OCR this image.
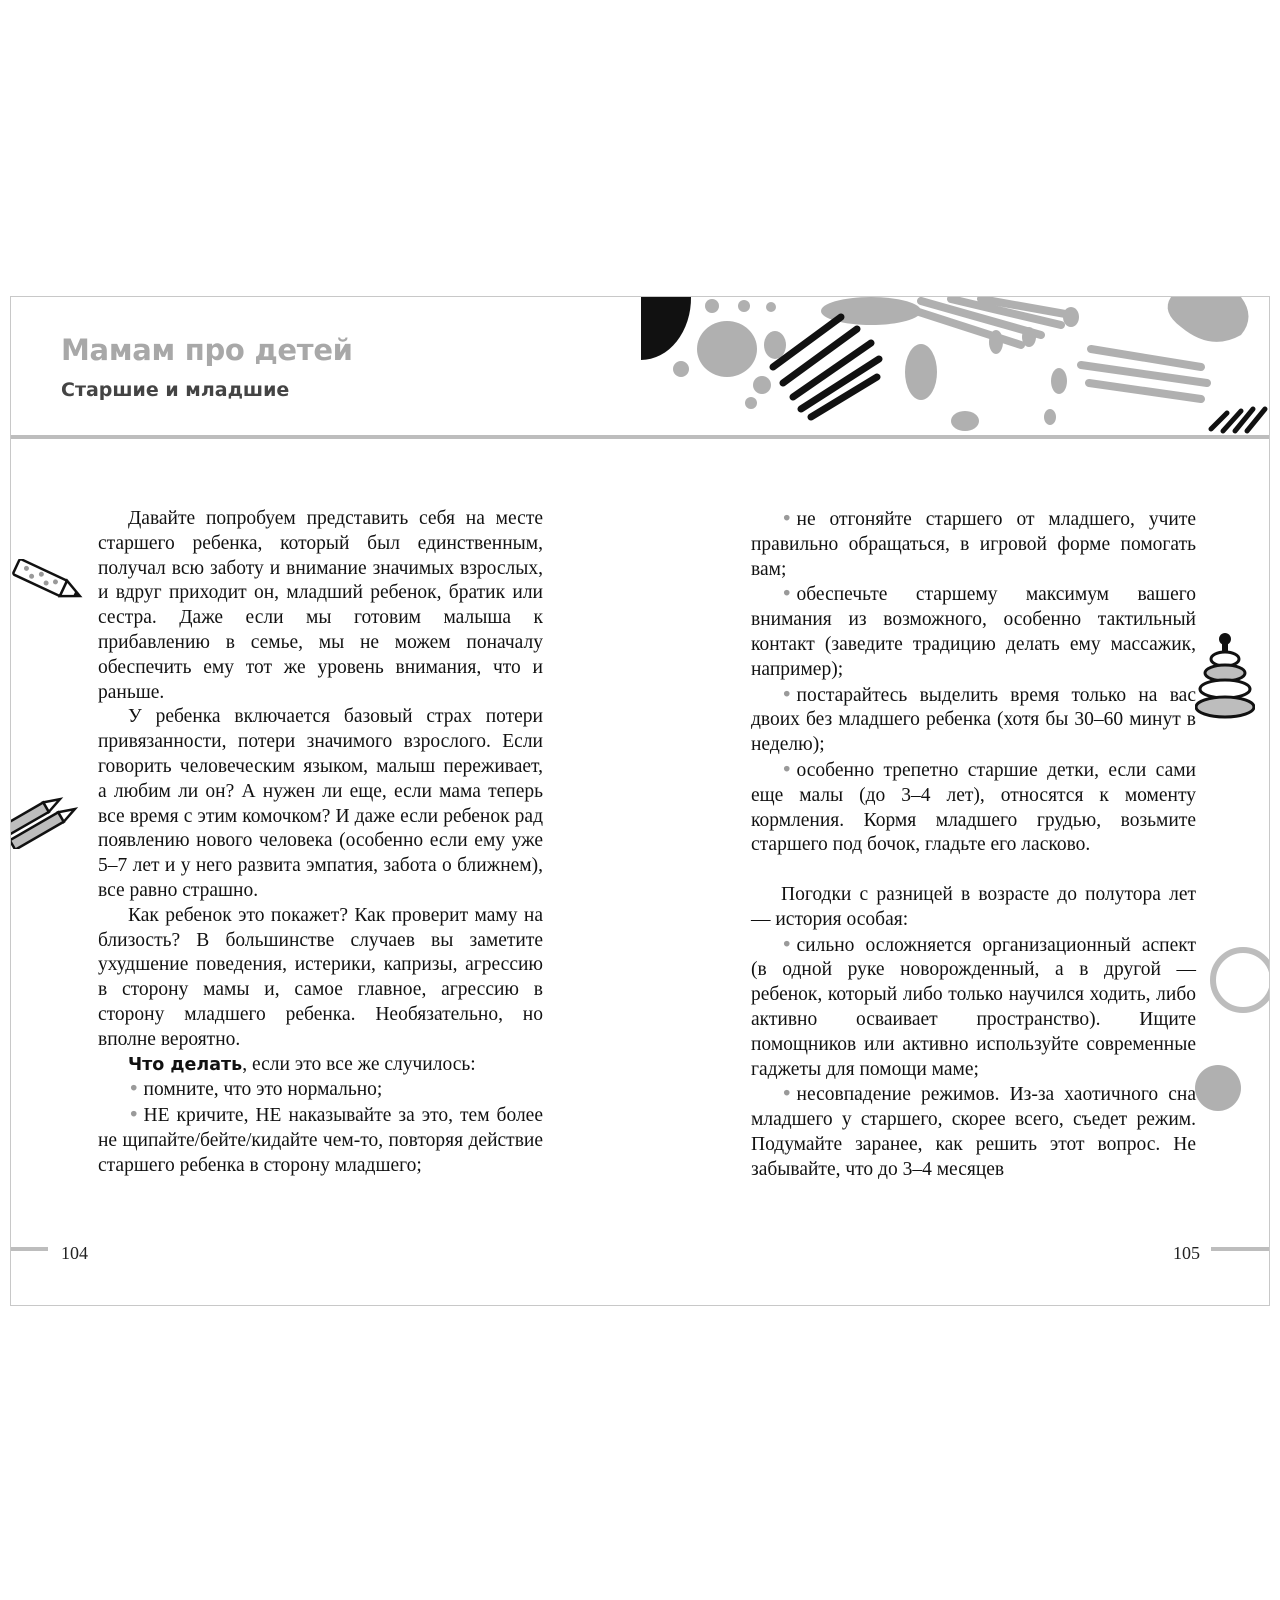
Мамам про детей
Старшие и младшие

Давайте попробуем представить себя на месте старшего ребенка, который был единственным, получал всю заботу и внимание значимых взрослых, и вдруг приходит он, младший ребенок, братик или сестра. Даже если мы готовим малыша к прибавлению в семье, мы не можем поначалу обеспечить ему тот же уровень внимания, что и раньше.

У ребенка включается базовый страх потери привязанности, потери значимого взрослого. Если говорить человеческим языком, малыш переживает, а любим ли он? А нужен ли еще, если мама теперь все время с этим комочком? И даже если ребенок рад появлению нового человека (особенно если ему уже 5–7 лет и у него развита эмпатия, забота о ближнем), все равно страшно.

Как ребенок это покажет? Как проверит маму на близость? В большинстве случаев вы заметите ухудшение поведения, истерики, капризы, агрессию в сторону мамы и, самое главное, агрессию в сторону младшего ребенка. Необязательно, но вполне вероятно.

Что делать, если это все же случилось:

• помните, что это нормально;

• НЕ кричите, НЕ наказывайте за это, тем более не щипайте/бейте/кидайте чем-то, повторяя действие старшего ребенка в сторону младшего;

• не отгоняйте старшего от младшего, учите правильно обращаться, в игровой форме помогать вам;

• обеспечьте старшему максимум вашего внимания из возможного, особенно тактильный контакт (заведите традицию делать ему массажик, например);

• постарайтесь выделить время только на вас двоих без младшего ребенка (хотя бы 30–60 минут в неделю);

• особенно трепетно старшие детки, если сами еще малы (до 3–4 лет), относятся к моменту кормления. Кормя младшего грудью, возьмите старшего под бочок, гладьте его ласково.

Погодки с разницей в возрасте до полутора лет — история особая:

• сильно осложняется организационный аспект (в одной руке новорожденный, а в другой — ребенок, который либо только научился ходить, либо активно осваивает пространство). Ищите помощников или активно используйте современные гаджеты для помощи маме;

• несовпадение режимов. Из-за хаотичного сна младшего у старшего, скорее всего, съедет режим. Подумайте заранее, как решить этот вопрос. Не забывайте, что до 3–4 месяцев

104	105
